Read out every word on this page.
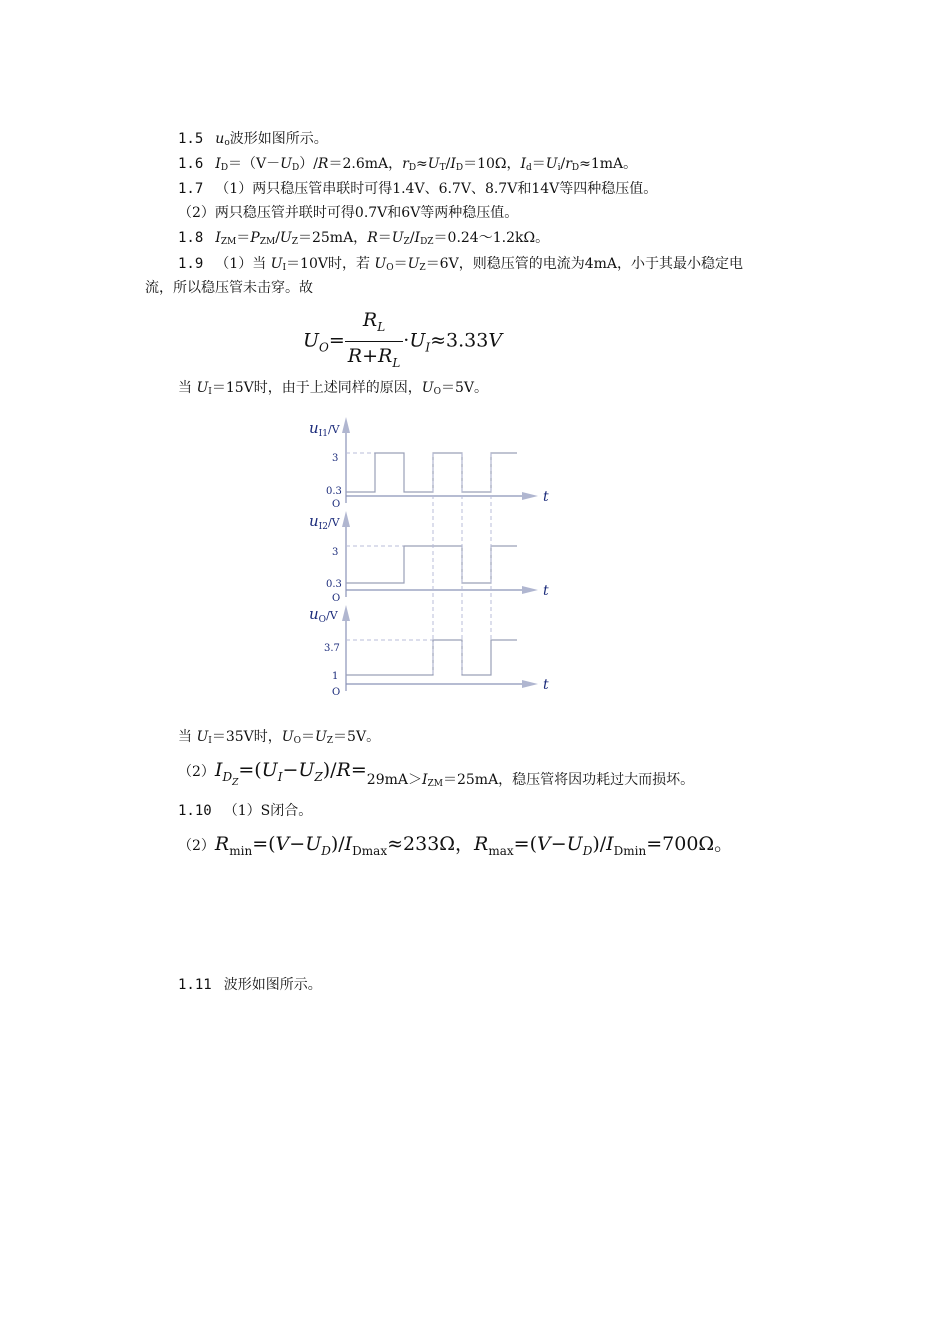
1.5 $u_o$波形如图所示。
1.6 $I_D=(V-U_D)/R=2.6mA$，$r_D\approx U_T/I_D=10\Omega$，$I_d=U_i/r_D\approx 1mA$。
1.7 （1）两只稳压管串联时可得1.4V、6.7V、8.7V和14V等四种稳压值。
（2）两只稳压管并联时可得0.7V和6V等两种稳压值。
1.8 $I_{ZM}=P_{ZM}/U_Z=25mA$，$R=U_Z/I_{DZ}=0.24\sim 1.2k\Omega$。
1.9 （1）当 $U_I=10V$时，若 $U_O=U_Z=6V$，则稳压管的电流为4mA，小于其最小稳定电
流，所以稳压管未击穿。故
$U_O= \frac{R_L}{R+R_L} \cdot U_I\approx 3.33V$
当 $U_I=15V$时，由于上述同样的原因，$U_O=5V$。
$u_{I1}^{/V}$
3
0.3
O	t
$u_{I2}^{/V}$
3
0.3
O	t
$u_O^{/V}$
3.7
1
O	t
当 $U_I=35V$时，$U_O=U_Z=5V$。
$(2)I_{DZ}=(U_I-U_Z)/R=29mA>I_{ZM}=25mA$，稳压管将因功耗过大而损坏。
1.10 （1）S闭合。
$(2)R_{min}=(V-U_D)/I_{Dmax}\approx 233\Omega$，$R_{max}=(V-U_D)/I_{Dmin}=700\Omega$。
1.11 波形如图所示。
